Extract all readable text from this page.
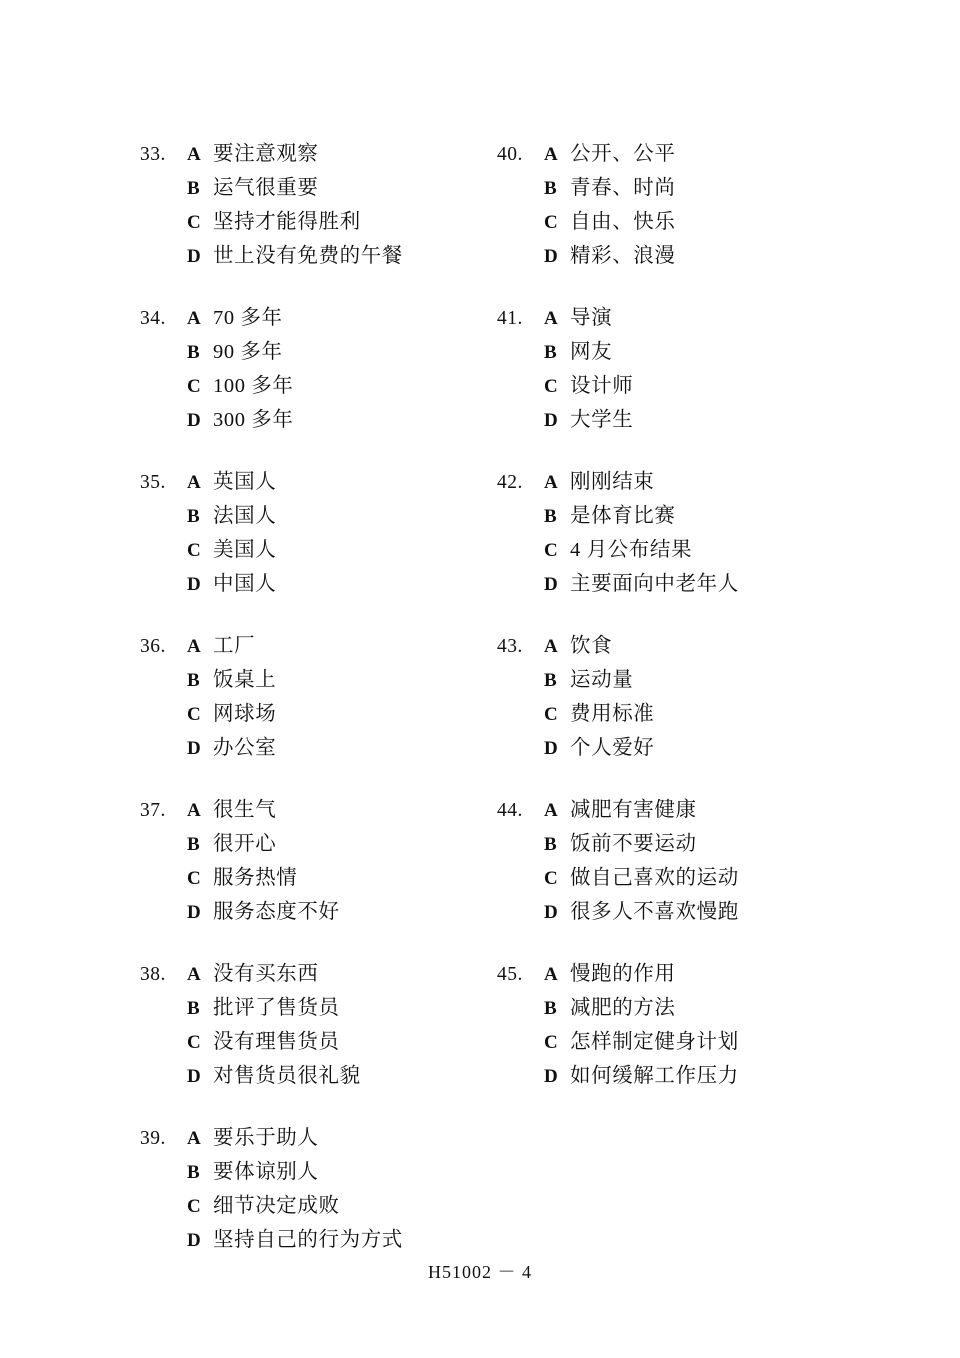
33.	A 要注意观察
B 运气很重要
C 坚持才能得胜利
D 世上没有免费的午餐
34.	A 70 多年
B 90 多年
C 100 多年
D 300 多年
35.	A 英国人
B 法国人
C 美国人
D 中国人
36.	A 工厂
B 饭桌上
C 网球场
D 办公室
37.	A 很生气
B 很开心
C 服务热情
D 服务态度不好
38.	A 没有买东西
B 批评了售货员
C 没有理售货员
D 对售货员很礼貌
39.	A 要乐于助人
B 要体谅别人
C 细节决定成败
D 坚持自己的行为方式
40.	A 公开、公平
B 青春、时尚
C 自由、快乐
D 精彩、浪漫
41.	A 导演
B 网友
C 设计师
D 大学生
42.	A 刚刚结束
B 是体育比赛
C 4 月公布结果
D 主要面向中老年人
43.	A 饮食
B 运动量
C 费用标准
D 个人爱好
44.	A 减肥有害健康
B 饭前不要运动
C 做自己喜欢的运动
D 很多人不喜欢慢跑
45.	A 慢跑的作用
B 减肥的方法
C 怎样制定健身计划
D 如何缓解工作压力
H51002 － 4
